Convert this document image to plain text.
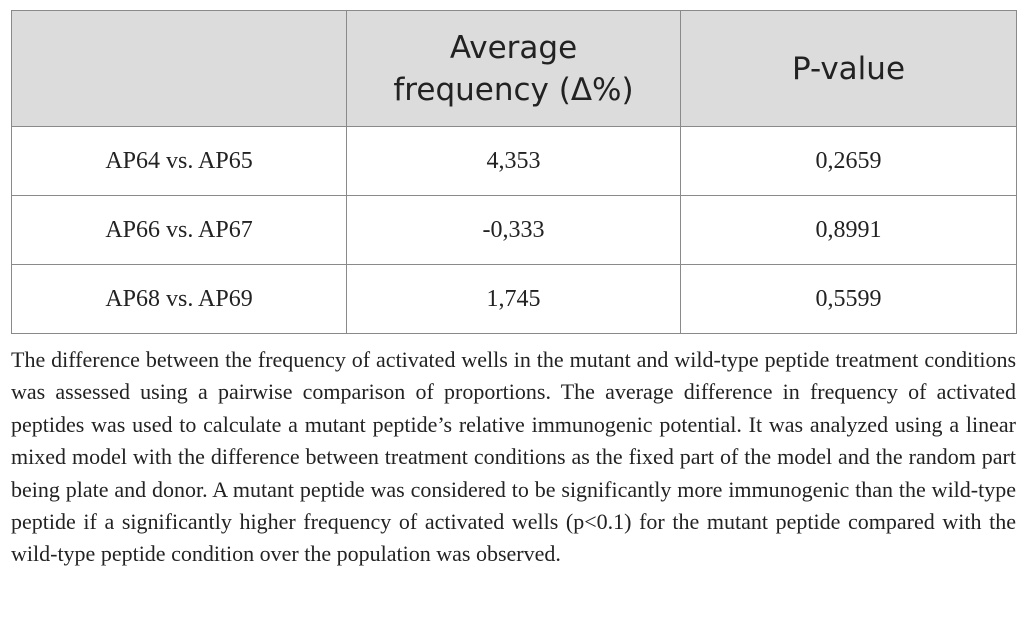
	Average frequency (Δ%)	P-value
AP64 vs. AP65	4,353	0,2659
AP66 vs. AP67	-0,333	0,8991
AP68 vs. AP69	1,745	0,5599

The difference between the frequency of activated wells in the mutant and wild-type peptide treatment conditions was assessed using a pairwise comparison of proportions. The average difference in frequency of activated peptides was used to calculate a mutant peptide’s relative immunogenic potential. It was analyzed using a linear mixed model with the difference between treatment conditions as the fixed part of the model and the random part being plate and donor. A mutant peptide was considered to be significantly more immunogenic than the wild-type peptide if a significantly higher frequency of activated wells (p<0.1) for the mutant peptide compared with the wild-type peptide condition over the population was observed.
